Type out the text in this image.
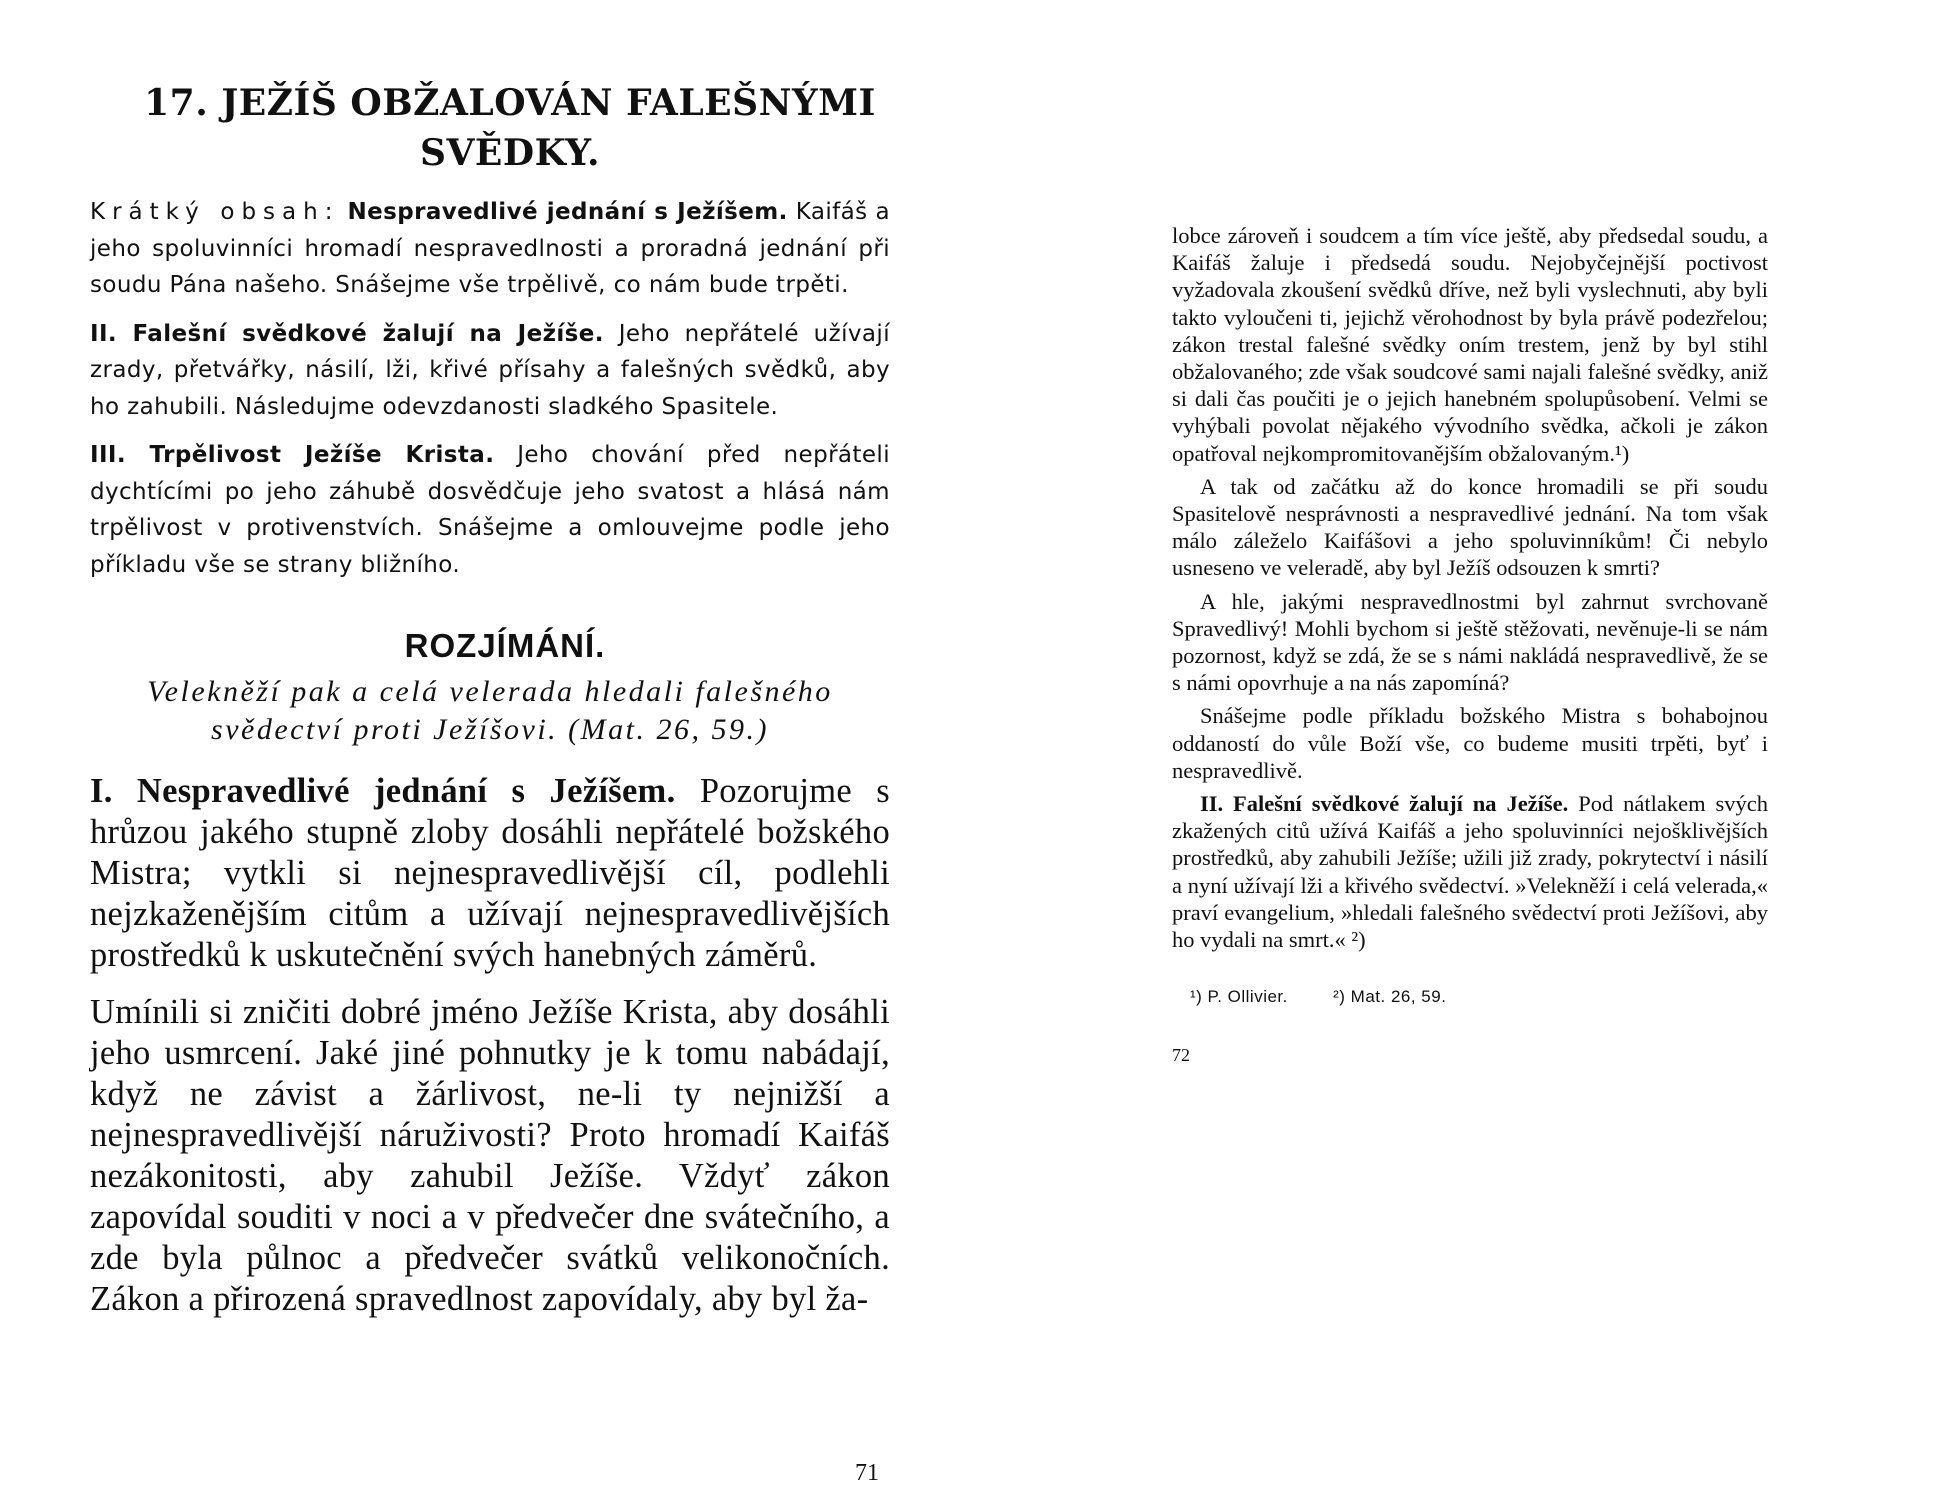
17. JEŽÍŠ OBŽALOVÁN FALEŠNÝMI
SVĚDKY.

Krátký obsah: Nespravedlivé jednání s Ježíšem. Kaifáš a jeho spoluvinníci hromadí nespravedlnosti a proradná jednání při soudu Pána našeho. Snášejme vše trpělivě, co nám bude trpěti.

II. Falešní svědkové žalují na Ježíše. Jeho nepřátelé užívají zrady, přetvářky, násilí, lži, křivé přísahy a falešných svědků, aby ho zahubili. Následujme odevzdanosti sladkého Spasitele.

III. Trpělivost Ježíše Krista. Jeho chování před nepřáteli dychtícími po jeho záhubě dosvědčuje jeho svatost a hlásá nám trpělivost v protivenstvích. Snášejme a omlouvejme podle jeho příkladu vše se strany bližního.

ROZJÍMÁNÍ.

Velekněží pak a celá velerada hledali falešného svědectví proti Ježíšovi. (Mat. 26, 59.)

I. Nespravedlivé jednání s Ježíšem. Pozorujme s hrůzou jakého stupně zloby dosáhli nepřátelé božského Mistra; vytkli si nejnespravedlivější cíl, podlehli nejzkaženějším citům a užívají nejnespravedlivějších prostředků k uskutečnění svých hanebných záměrů.

Umínili si zničiti dobré jméno Ježíše Krista, aby dosáhli jeho usmrcení. Jaké jiné pohnutky je k tomu nabádají, když ne závist a žárlivost, ne-li ty nejnižší a nejnespravedlivější náruživosti? Proto hromadí Kaifáš nezákonitosti, aby zahubil Ježíše. Vždyť zákon zapovídal souditi v noci a v předvečer dne svátečního, a zde byla půlnoc a předvečer svátků velikonočních. Zákon a přirozená spravedlnost zapovídaly, aby byl ža-

71

lobce zároveň i soudcem a tím více ještě, aby předsedal soudu, a Kaifáš žaluje i předsedá soudu. Nejobyčejnější poctivost vyžadovala zkoušení svědků dříve, než byli vyslechnuti, aby byli takto vyloučeni ti, jejichž věrohodnost by byla právě podezřelou; zákon trestal falešné svědky oním trestem, jenž by byl stihl obžalovaného; zde však soudcové sami najali falešné svědky, aniž si dali čas poučiti je o jejich hanebném spolupůsobení. Velmi se vyhýbali povolat nějakého vývodního svědka, ačkoli je zákon opatřoval nejkompromitovanějším obžalovaným.¹)

A tak od začátku až do konce hromadili se při soudu Spasitelově nesprávnosti a nespravedlivé jednání. Na tom však málo záleželo Kaifášovi a jeho spoluvinníkům! Či nebylo usneseno ve veleradě, aby byl Ježíš odsouzen k smrti?

A hle, jakými nespravedlnostmi byl zahrnut svrchovaně Spravedlivý! Mohli bychom si ještě stěžovati, nevěnuje-li se nám pozornost, když se zdá, že se s námi nakládá nespravedlivě, že se s námi opovrhuje a na nás zapomíná?

Snášejme podle příkladu božského Mistra s bohabojnou oddaností do vůle Boží vše, co budeme musiti trpěti, byť i nespravedlivě.

II. Falešní svědkové žalují na Ježíše. Pod nátlakem svých zkažených citů užívá Kaifáš a jeho spoluvinníci nejošklivějších prostředků, aby zahubili Ježíše; užili již zrady, pokrytectví i násilí a nyní užívají lži a křivého svědectví. »Velekněží i celá velerada,« praví evangelium, »hledali falešného svědectví proti Ježíšovi, aby ho vydali na smrt.« ²)

¹) P. Ollivier.	²) Mat. 26, 59.
72
